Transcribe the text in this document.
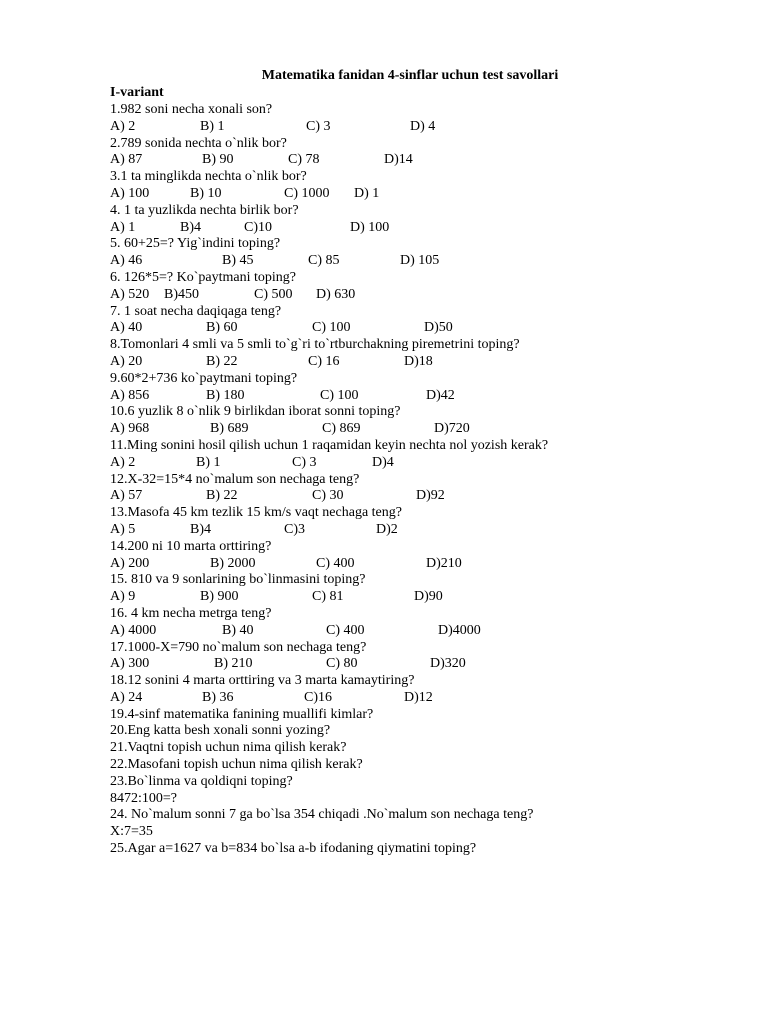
Matematika fanidan 4-sinflar uchun test savollari
I-variant
1.982 soni necha xonali son?
A) 2	B) 1	C) 3	D) 4
2.789 sonida nechta o`nlik bor?
A) 87	B) 90	C) 78	D)14
3.1 ta minglikda nechta o`nlik bor?
A) 100	B) 10	C) 1000 D) 1
4. 1 ta yuzlikda nechta birlik bor?
A) 1	B)4	C)10	D) 100
5. 60+25=? Yig`indini toping?
A) 46	B) 45	C) 85	D) 105
6. 126*5=? Ko`paytmani toping?
A) 520 B)450	C) 500 D) 630
7. 1 soat necha daqiqaga teng?
A) 40	B) 60	C) 100	D)50
8.Tomonlari 4 smli va 5 smli to`g`ri to`rtburchakning piremetrini toping?
A) 20	B) 22	C) 16	D)18
9.60*2+736 ko`paytmani toping?
A) 856	B) 180	C) 100	D)42
10.6 yuzlik 8 o`nlik 9 birlikdan iborat sonni toping?
A) 968	B) 689	C) 869	D)720
11.Ming sonini hosil qilish uchun 1 raqamidan keyin nechta nol yozish kerak?
A) 2	B) 1	C) 3	D)4
12.X-32=15*4 no`malum son nechaga teng?
A) 57	B) 22	C) 30	D)92
13.Masofa 45 km tezlik 15 km/s vaqt nechaga teng?
A) 5	B)4	C)3	D)2
14.200 ni 10 marta orttiring?
A) 200	B) 2000	C) 400	D)210
15. 810 va 9 sonlarining bo`linmasini toping?
A) 9	B) 900	C) 81	D)90
16. 4 km necha metrga teng?
A) 4000	B) 40	C) 400	D)4000
17.1000-X=790 no`malum son nechaga teng?
A) 300	B) 210	C) 80	D)320
18.12 sonini 4 marta orttiring va 3 marta kamaytiring?
A) 24	B) 36	C)16	D)12
19.4-sinf matematika fanining muallifi kimlar?
20.Eng katta besh xonali sonni yozing?
21.Vaqtni topish uchun nima qilish kerak?
22.Masofani topish uchun nima qilish kerak?
23.Bo`linma va qoldiqni toping?
8472:100=?
24. No`malum sonni 7 ga bo`lsa 354 chiqadi .No`malum son nechaga teng?
X:7=35
25.Agar a=1627 va b=834 bo`lsa a-b ifodaning qiymatini toping?
